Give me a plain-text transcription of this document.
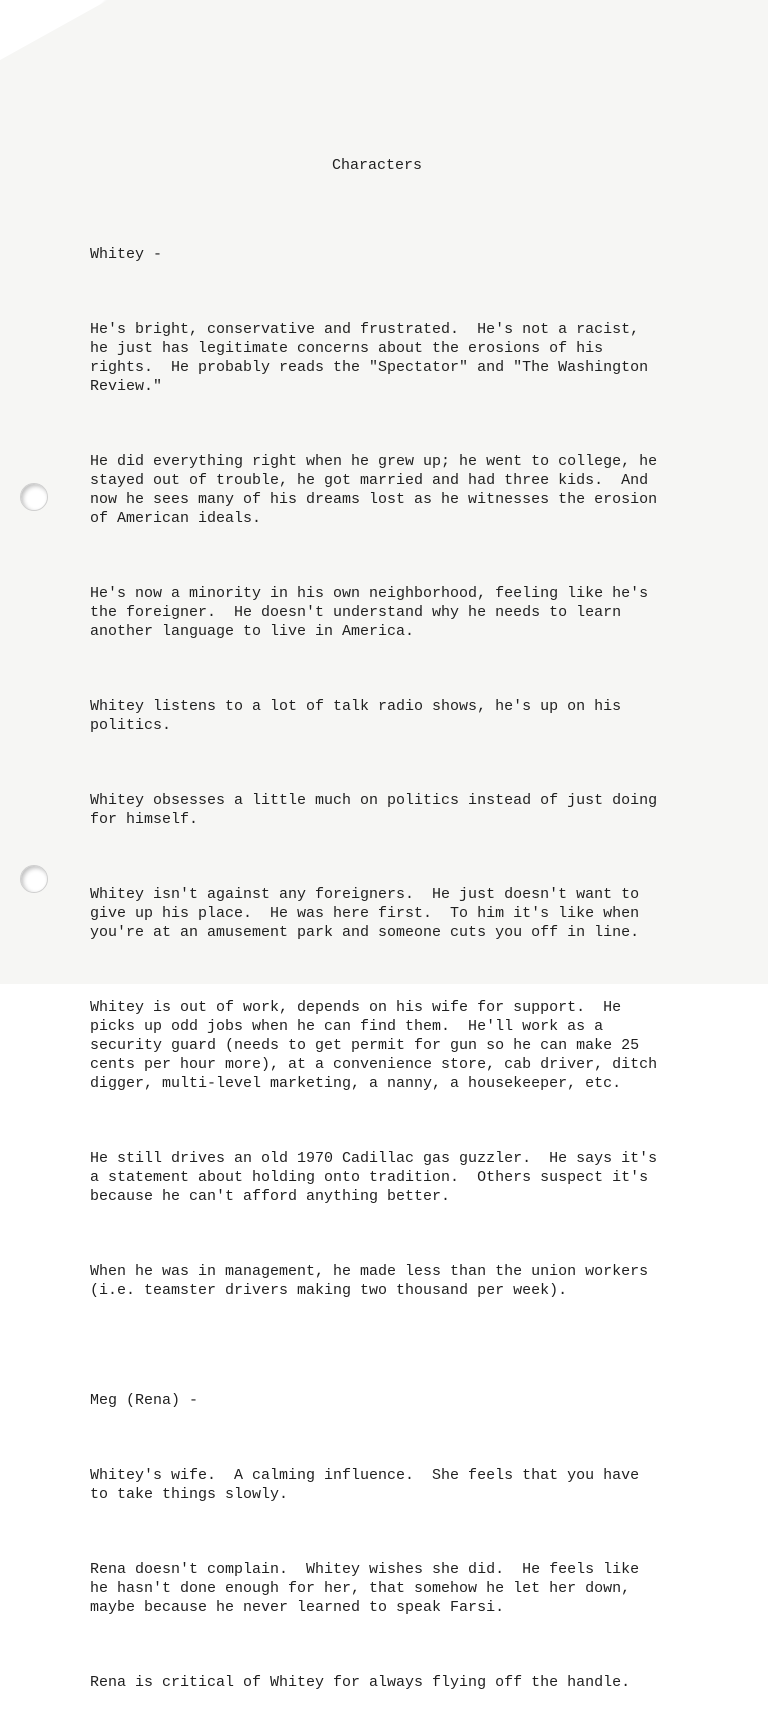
Characters

Whitey -

He's bright, conservative and frustrated.  He's not a racist,
he just has legitimate concerns about the erosions of his
rights.  He probably reads the "Spectator" and "The Washington
Review."

He did everything right when he grew up; he went to college, he
stayed out of trouble, he got married and had three kids.  And
now he sees many of his dreams lost as he witnesses the erosion
of American ideals.

He's now a minority in his own neighborhood, feeling like he's
the foreigner.  He doesn't understand why he needs to learn
another language to live in America.

Whitey listens to a lot of talk radio shows, he's up on his
politics.

Whitey obsesses a little much on politics instead of just doing
for himself.

Whitey isn't against any foreigners.  He just doesn't want to
give up his place.  He was here first.  To him it's like when
you're at an amusement park and someone cuts you off in line.

Whitey is out of work, depends on his wife for support.  He
picks up odd jobs when he can find them.  He'll work as a
security guard (needs to get permit for gun so he can make 25
cents per hour more), at a convenience store, cab driver, ditch
digger, multi-level marketing, a nanny, a housekeeper, etc.

He still drives an old 1970 Cadillac gas guzzler.  He says it's
a statement about holding onto tradition.  Others suspect it's
because he can't afford anything better.

When he was in management, he made less than the union workers
(i.e. teamster drivers making two thousand per week).

Meg (Rena) -

Whitey's wife.  A calming influence.  She feels that you have
to take things slowly.

Rena doesn't complain.  Whitey wishes she did.  He feels like
he hasn't done enough for her, that somehow he let her down,
maybe because he never learned to speak Farsi.

Rena is critical of Whitey for always flying off the handle.
